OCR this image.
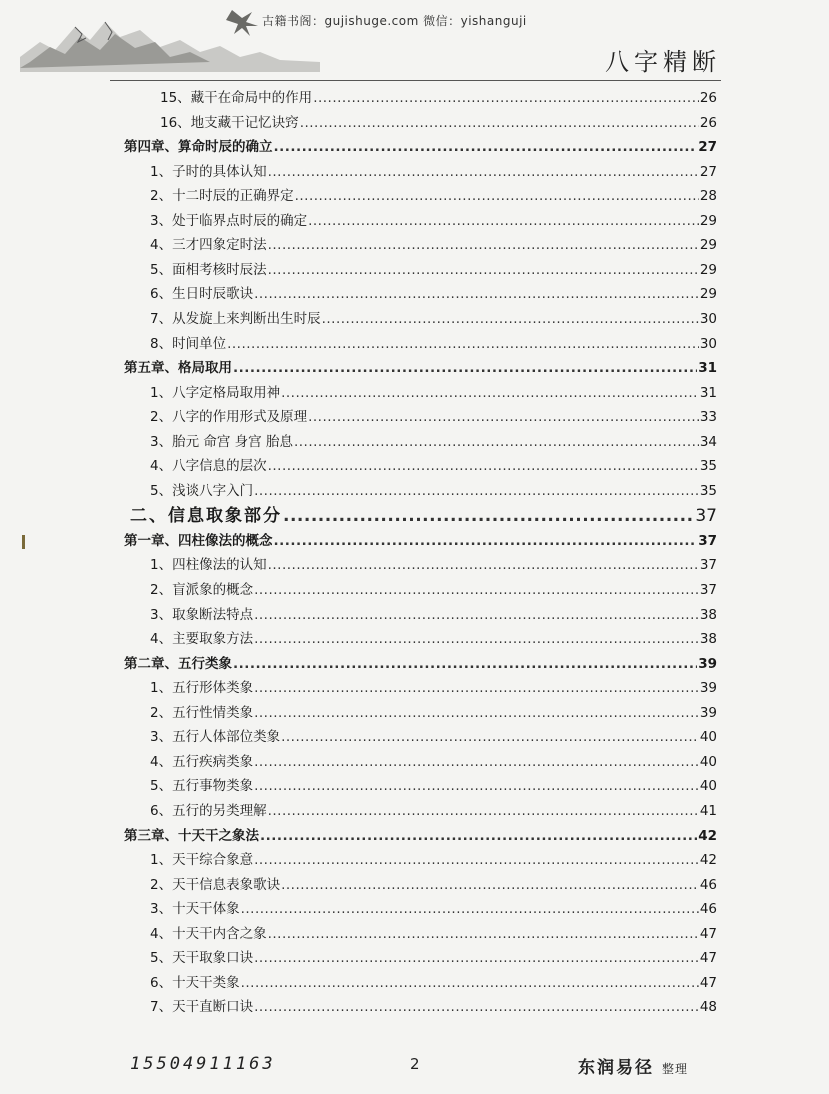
古籍书阁：gujishuge.com 微信：yishanguji
八字精断
15、藏干在命局中的作用 .....	26
16、地支藏干记忆诀窍 .....	26
第四章、算命时辰的确立 .....	27
1、子时的具体认知 .....	27
2、十二时辰的正确界定 .....	28
3、处于临界点时辰的确定 .....	29
4、三才四象定时法 .....	29
5、面相考核时辰法 .....	29
6、生日时辰歌诀 .....	29
7、从发旋上来判断出生时辰 .....	30
8、时间单位 .....	30
第五章、格局取用 .....	31
1、八字定格局取用神 .....	31
2、八字的作用形式及原理 .....	33
3、胎元 命宫 身宫 胎息 .....	34
4、八字信息的层次 .....	35
5、浅谈八字入门 .....	35
二、信息取象部分 .....	37
第一章、四柱像法的概念 .....	37
1、四柱像法的认知 .....	37
2、盲派象的概念 .....	37
3、取象断法特点 .....	38
4、主要取象方法 .....	38
第二章、五行类象 .....	39
1、五行形体类象 .....	39
2、五行性情类象 .....	39
3、五行人体部位类象 .....	40
4、五行疾病类象 .....	40
5、五行事物类象 .....	40
6、五行的另类理解 .....	41
第三章、十天干之象法 .....	42
1、天干综合象意 .....	42
2、天干信息表象歌诀 .....	46
3、十天干体象 .....	46
4、十天干内含之象 .....	47
5、天干取象口诀 .....	47
6、十天干类象 .....	47
7、天干直断口诀 .....	48
15504911163	2	东润易径 整理
